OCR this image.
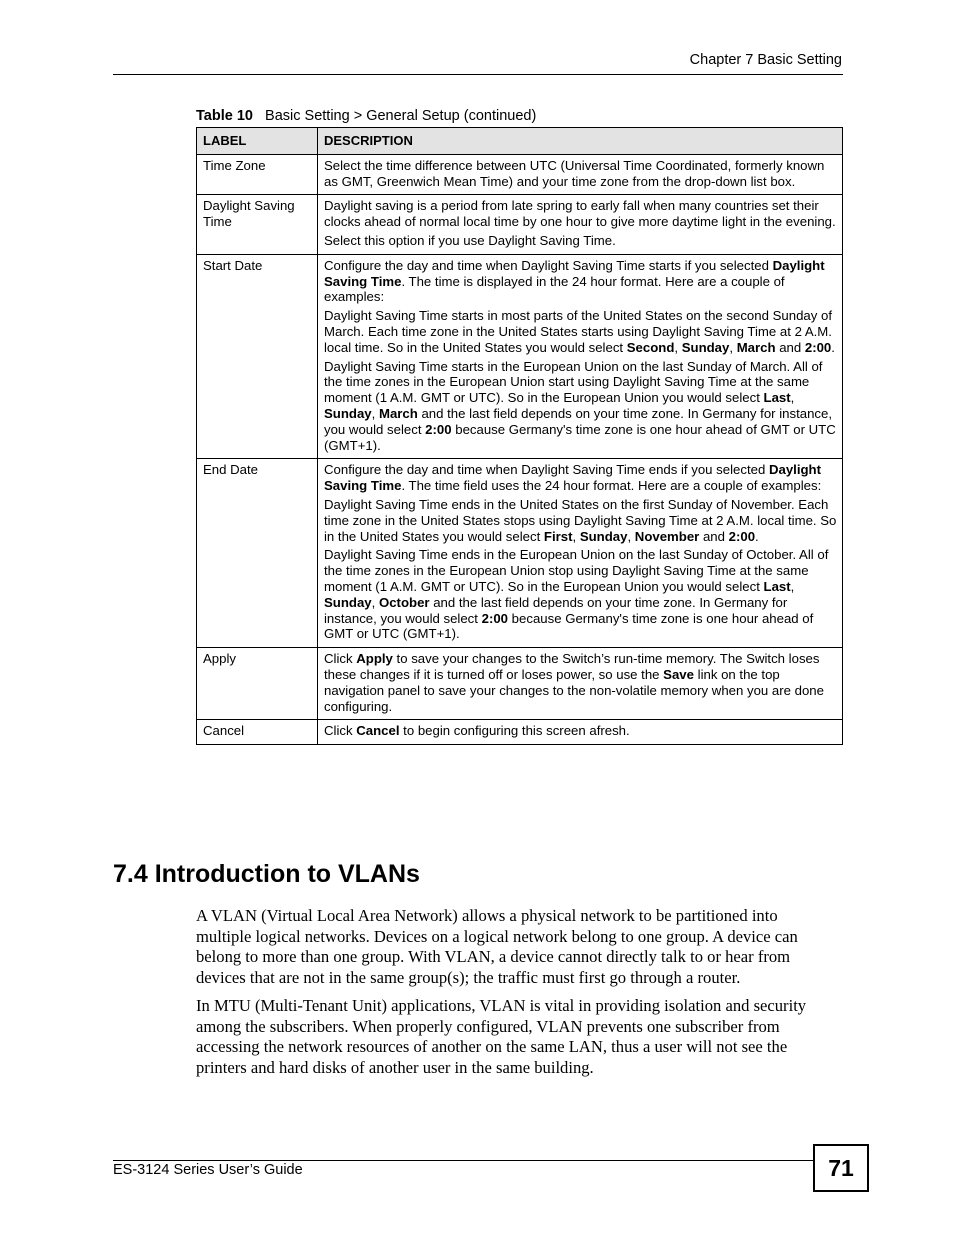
Chapter 7 Basic Setting
Table 10 Basic Setting > General Setup (continued)
LABEL	DESCRIPTION
Time Zone	Select the time difference between UTC (Universal Time Coordinated, formerly known as GMT, Greenwich Mean Time) and your time zone from the drop-down list box.

Daylight Saving Time	Daylight saving is a period from late spring to early fall when many countries set their clocks ahead of normal local time by one hour to give more daytime light in the evening.

Select this option if you use Daylight Saving Time.

Start Date	Configure the day and time when Daylight Saving Time starts if you selected Daylight Saving Time. The time is displayed in the 24 hour format. Here are a couple of examples:

Daylight Saving Time starts in most parts of the United States on the second Sunday of March. Each time zone in the United States starts using Daylight Saving Time at 2 A.M. local time. So in the United States you would select Second, Sunday, March and 2:00.

Daylight Saving Time starts in the European Union on the last Sunday of March. All of the time zones in the European Union start using Daylight Saving Time at the same moment (1 A.M. GMT or UTC). So in the European Union you would select Last, Sunday, March and the last field depends on your time zone. In Germany for instance, you would select 2:00 because Germany's time zone is one hour ahead of GMT or UTC (GMT+1).

End Date	Configure the day and time when Daylight Saving Time ends if you selected Daylight Saving Time. The time field uses the 24 hour format. Here are a couple of examples:

Daylight Saving Time ends in the United States on the first Sunday of November. Each time zone in the United States stops using Daylight Saving Time at 2 A.M. local time. So in the United States you would select First, Sunday, November and 2:00.

Daylight Saving Time ends in the European Union on the last Sunday of October. All of the time zones in the European Union stop using Daylight Saving Time at the same moment (1 A.M. GMT or UTC). So in the European Union you would select Last, Sunday, October and the last field depends on your time zone. In Germany for instance, you would select 2:00 because Germany's time zone is one hour ahead of GMT or UTC (GMT+1).

Apply	Click Apply to save your changes to the Switch’s run-time memory. The Switch loses these changes if it is turned off or loses power, so use the Save link on the top navigation panel to save your changes to the non-volatile memory when you are done configuring.

Cancel	Click Cancel to begin configuring this screen afresh.

7.4 Introduction to VLANs

A VLAN (Virtual Local Area Network) allows a physical network to be partitioned into multiple logical networks. Devices on a logical network belong to one group. A device can belong to more than one group. With VLAN, a device cannot directly talk to or hear from devices that are not in the same group(s); the traffic must first go through a router.

In MTU (Multi-Tenant Unit) applications, VLAN is vital in providing isolation and security among the subscribers. When properly configured, VLAN prevents one subscriber from accessing the network resources of another on the same LAN, thus a user will not see the printers and hard disks of another user in the same building.

ES-3124 Series User’s Guide	71
